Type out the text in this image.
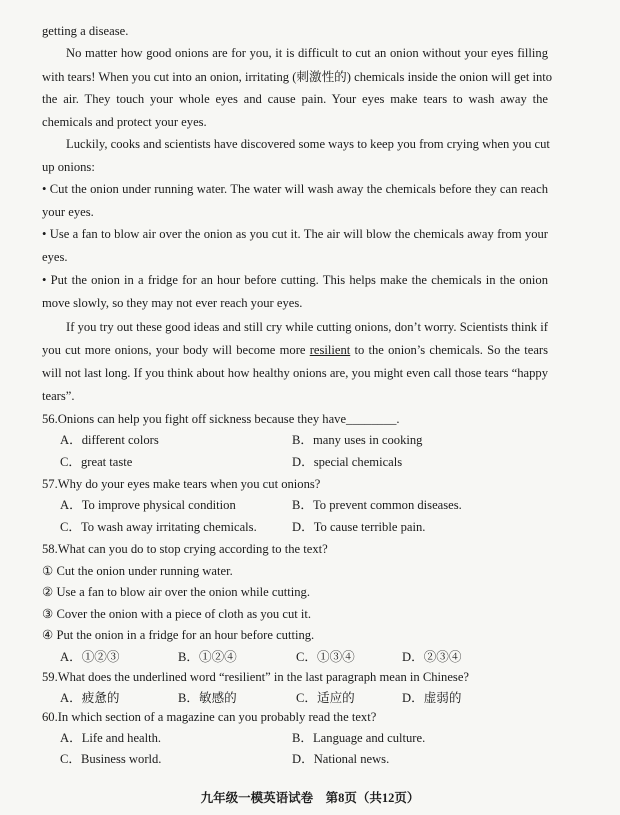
getting a disease.
No matter how good onions are for you, it is difficult to cut an onion without your eyes filling
with tears! When you cut into an onion, irritating (刺激性的) chemicals inside the onion will get into
the air. They touch your whole eyes and cause pain. Your eyes make tears to wash away the
chemicals and protect your eyes.
Luckily, cooks and scientists have discovered some ways to keep you from crying when you cut
up onions:
• Cut the onion under running water. The water will wash away the chemicals before they can reach
your eyes.
• Use a fan to blow air over the onion as you cut it. The air will blow the chemicals away from your
eyes.
• Put the onion in a fridge for an hour before cutting. This helps make the chemicals in the onion
move slowly, so they may not ever reach your eyes.
If you try out these good ideas and still cry while cutting onions, don’t worry. Scientists think if
you cut more onions, your body will become more resilient to the onion’s chemicals. So the tears
will not last long. If you think about how healthy onions are, you might even call those tears “happy
tears”.
56.Onions can help you fight off sickness because they have________.
A．different colors	B．many uses in cooking
C．great taste	D．special chemicals
57.Why do your eyes make tears when you cut onions?
A．To improve physical condition	B．To prevent common diseases.
C．To wash away irritating chemicals.	D．To cause terrible pain.
58.What can you do to stop crying according to the text?
① Cut the onion under running water.
② Use a fan to blow air over the onion while cutting.
③ Cover the onion with a piece of cloth as you cut it.
④ Put the onion in a fridge for an hour before cutting.
A．①②③	B．①②④	C．①③④	D．②③④
59.What does the underlined word “resilient” in the last paragraph mean in Chinese?
A．疲惫的	B．敏感的	C．适应的	D．虚弱的
60.In which section of a magazine can you probably read the text?
A．Life and health.	B．Language and culture.
C．Business world.	D．National news.
九年级一模英语试卷　第8页（共12页）
